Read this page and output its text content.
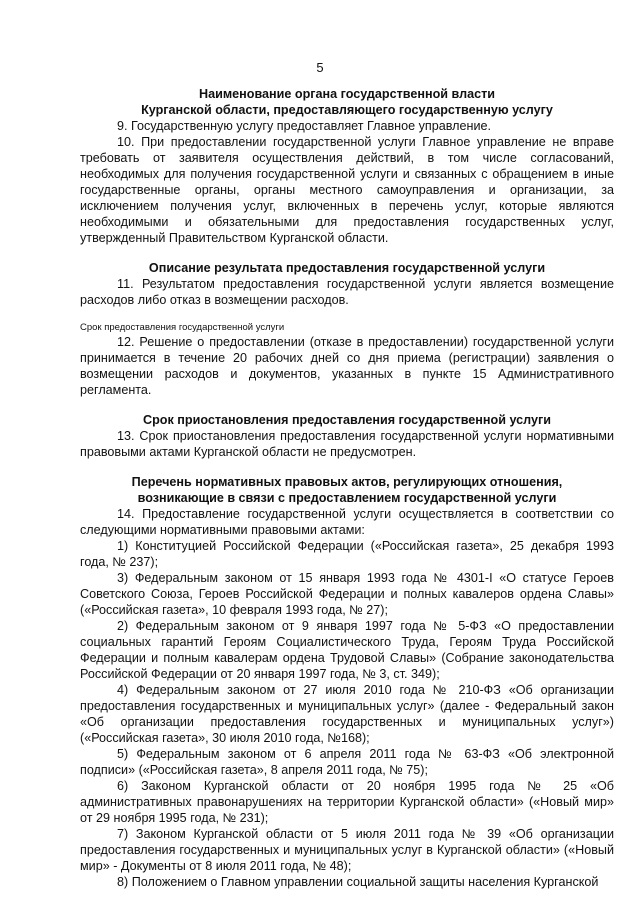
5

Наименование органа государственной власти

Курганской области, предоставляющего государственную услугу

9. Государственную услугу предоставляет Главное управление.

10. При предоставлении государственной услуги Главное управление не вправе требовать от заявителя осуществления действий, в том числе согласований, необходимых для получения государственной услуги и связанных с обращением в иные государственные органы, органы местного самоуправления и организации, за исключением получения услуг, включенных в перечень услуг, которые являются необходимыми и обязательными для предоставления государственных услуг, утвержденный Правительством Курганской области.

Описание результата предоставления государственной услуги

11. Результатом предоставления государственной услуги является возмещение расходов либо отказ в возмещении расходов.

Срок предоставления государственной услуги

12. Решение о предоставлении (отказе в предоставлении) государственной услуги принимается в течение 20 рабочих дней со дня приема (регистрации) заявления о возмещении расходов и документов, указанных в пункте 15 Административного регламента.

Срок приостановления предоставления государственной услуги

13. Срок приостановления предоставления государственной услуги нормативными правовыми актами Курганской области не предусмотрен.

Перечень нормативных правовых актов, регулирующих отношения,

возникающие в связи с предоставлением государственной услуги

14. Предоставление государственной услуги осуществляется в соответствии со следующими нормативными правовыми актами:

1) Конституцией Российской Федерации («Российская газета», 25 декабря 1993 года, № 237);

3) Федеральным законом от 15 января 1993 года № 4301-I «О статусе Героев Советского Союза, Героев Российской Федерации и полных кавалеров ордена Славы» («Российская газета», 10 февраля 1993 года, № 27);

2) Федеральным законом от 9 января 1997 года № 5-ФЗ «О предоставлении социальных гарантий Героям Социалистического Труда, Героям Труда Российской Федерации и полным кавалерам ордена Трудовой Славы» (Собрание законодательства Российской Федерации от 20 января 1997 года, № 3, ст. 349);

4) Федеральным законом от 27 июля 2010 года № 210-ФЗ «Об организации предоставления государственных и муниципальных услуг» (далее - Федеральный закон «Об организации предоставления государственных и муниципальных услуг») («Российская газета», 30 июля 2010 года, №168);

5) Федеральным законом от 6 апреля 2011 года № 63-ФЗ «Об электронной подписи» («Российская газета», 8 апреля 2011 года, № 75);

6) Законом Курганской области от 20 ноября 1995 года № 25 «Об административных правонарушениях на территории Курганской области» («Новый мир» от 29 ноября 1995 года, № 231);

7) Законом Курганской области от 5 июля 2011 года № 39 «Об организации предоставления государственных и муниципальных услуг в Курганской области» («Новый мир» - Документы от 8 июля 2011 года, № 48);

8) Положением о Главном управлении социальной защиты населения Курганской
